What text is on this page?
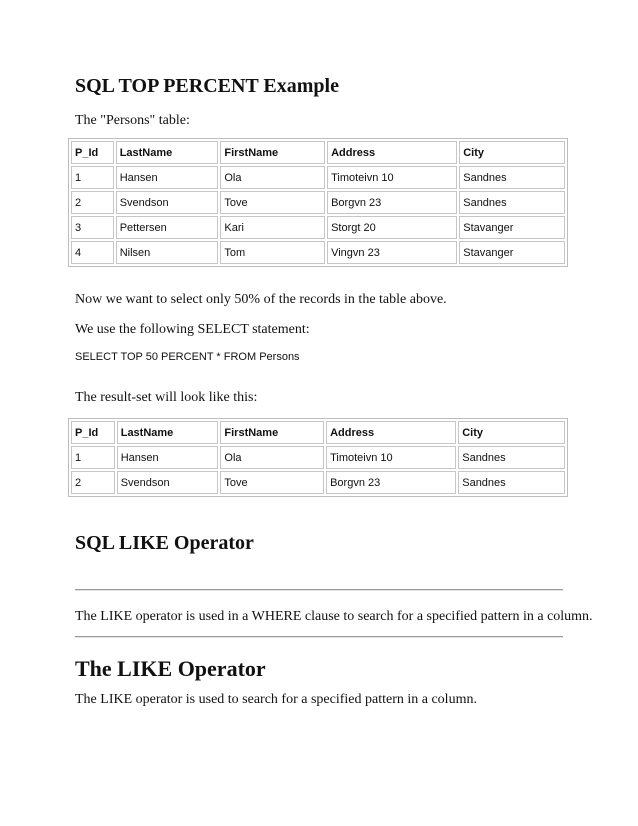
SQL TOP PERCENT Example

The "Persons" table:

P_Id	LastName	FirstName	Address	City
1	Hansen	Ola	Timoteivn 10	Sandnes
2	Svendson	Tove	Borgvn 23	Sandnes
3	Pettersen	Kari	Storgt 20	Stavanger
4	Nilsen	Tom	Vingvn 23	Stavanger

Now we want to select only 50% of the records in the table above.

We use the following SELECT statement:

SELECT TOP 50 PERCENT * FROM Persons

The result-set will look like this:

P_Id	LastName	FirstName	Address	City
1	Hansen	Ola	Timoteivn 10	Sandnes
2	Svendson	Tove	Borgvn 23	Sandnes
SQL LIKE Operator

The LIKE operator is used in a WHERE clause to search for a specified pattern in a column.

The LIKE Operator

The LIKE operator is used to search for a specified pattern in a column.
